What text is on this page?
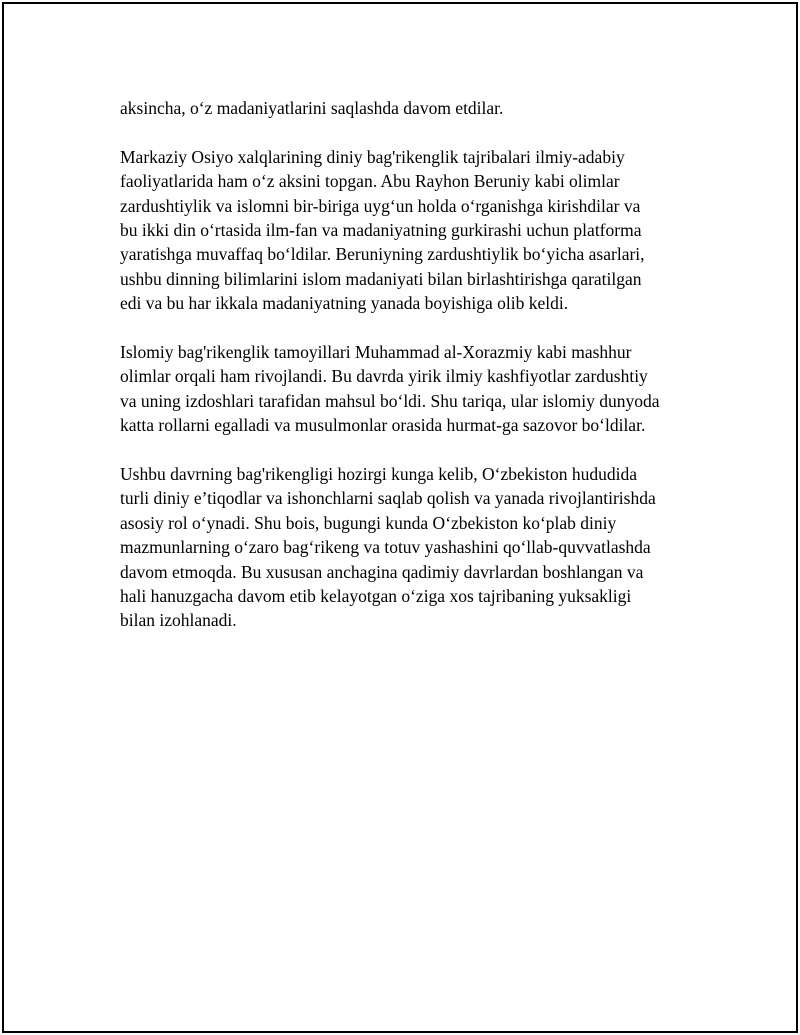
aksincha, o‘z madaniyatlarini saqlashda davom etdilar.

Markaziy Osiyo xalqlarining diniy bag'rikenglik tajribalari ilmiy-adabiy
faoliyatlarida ham o‘z aksini topgan. Abu Rayhon Beruniy kabi olimlar
zardushtiylik va islomni bir-biriga uyg‘un holda o‘rganishga kirishdilar va
bu ikki din o‘rtasida ilm-fan va madaniyatning gurkirashi uchun platforma
yaratishga muvaffaq bo‘ldilar. Beruniyning zardushtiylik bo‘yicha asarlari,
ushbu dinning bilimlarini islom madaniyati bilan birlashtirishga qaratilgan
edi va bu har ikkala madaniyatning yanada boyishiga olib keldi.

Islomiy bag'rikenglik tamoyillari Muhammad al-Xorazmiy kabi mashhur
olimlar orqali ham rivojlandi. Bu davrda yirik ilmiy kashfiyotlar zardushtiy
va uning izdoshlari tarafidan mahsul bo‘ldi. Shu tariqa, ular islomiy dunyoda
katta rollarni egalladi va musulmonlar orasida hurmat-ga sazovor bo‘ldilar.

Ushbu davrning bag'rikengligi hozirgi kunga kelib, O‘zbekiston hududida
turli diniy e’tiqodlar va ishonchlarni saqlab qolish va yanada rivojlantirishda
asosiy rol o‘ynadi. Shu bois, bugungi kunda O‘zbekiston ko‘plab diniy
mazmunlarning o‘zaro bag‘rikeng va totuv yashashini qo‘llab-quvvatlashda
davom etmoqda. Bu xususan anchagina qadimiy davrlardan boshlangan va
hali hanuzgacha davom etib kelayotgan o‘ziga xos tajribaning yuksakligi
bilan izohlanadi.
